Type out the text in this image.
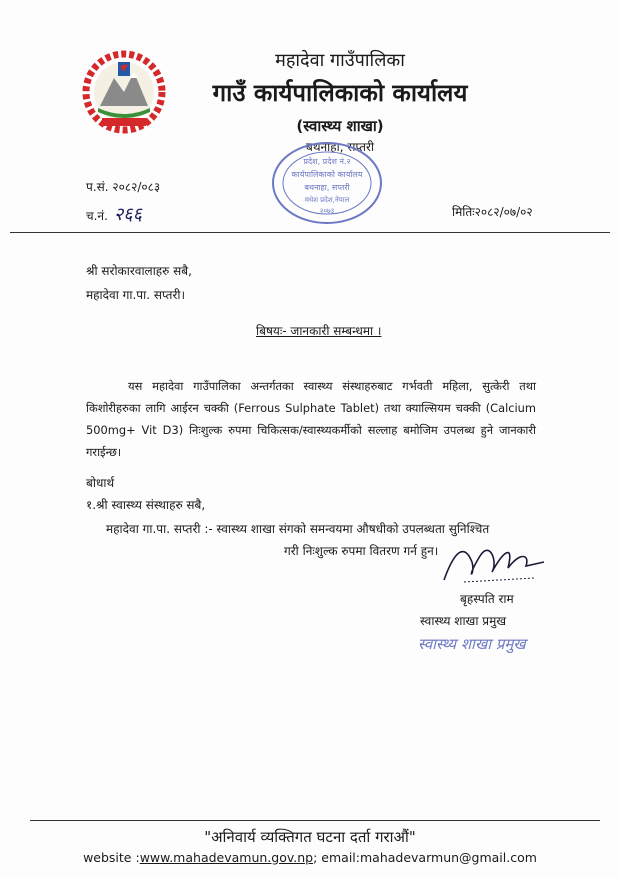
महादेवा गाउँपालिका
गाउँ कार्यपालिकाको कार्यालय
(स्वास्थ्य शाखा)
बथनाहा, सप्तरी
प्रदेश, प्रदेश नं.२
कार्यपालिकाको कार्यालय
बथनाहा, सप्तरी
मधेश प्रदेश,नेपाल
२०७३
प.सं. २०८२/०८३
च.नं. २६६	मितिः२०८२/०७/०२
श्री सरोकारवालाहरु सबै,
महादेवा गा.पा. सप्तरी।
बिषयः- जानकारी सम्बन्धमा ।
यस महादेवा गाउँपालिका अन्तर्गतका स्वास्थ्य संस्थाहरुबाट गर्भवती महिला, सुत्केरी तथा किशोरीहरुका लागि आईरन चक्की (Ferrous Sulphate Tablet) तथा क्याल्सियम चक्की (Calcium 500mg+ Vit D3) निःशुल्क रुपमा चिकित्सक/स्वास्थ्यकर्मीको सल्लाह बमोजिम उपलब्ध हुने जानकारी गराईन्छ।
बोधार्थ
१.श्री स्वास्थ्य संस्थाहरु सबै,
महादेवा गा.पा. सप्तरी :- स्वास्थ्य शाखा संगको समन्वयमा औषधीको उपलब्धता सुनिश्चित
गरी निःशुल्क रुपमा वितरण गर्न हुन।
बृहस्पति राम
स्वास्थ्य शाखा प्रमुख
स्वास्थ्य शाखा प्रमुख
"अनिवार्य व्यक्तिगत घटना दर्ता गराऔं"
website :www.mahadevamun.gov.np; email:mahadevarmun@gmail.com
